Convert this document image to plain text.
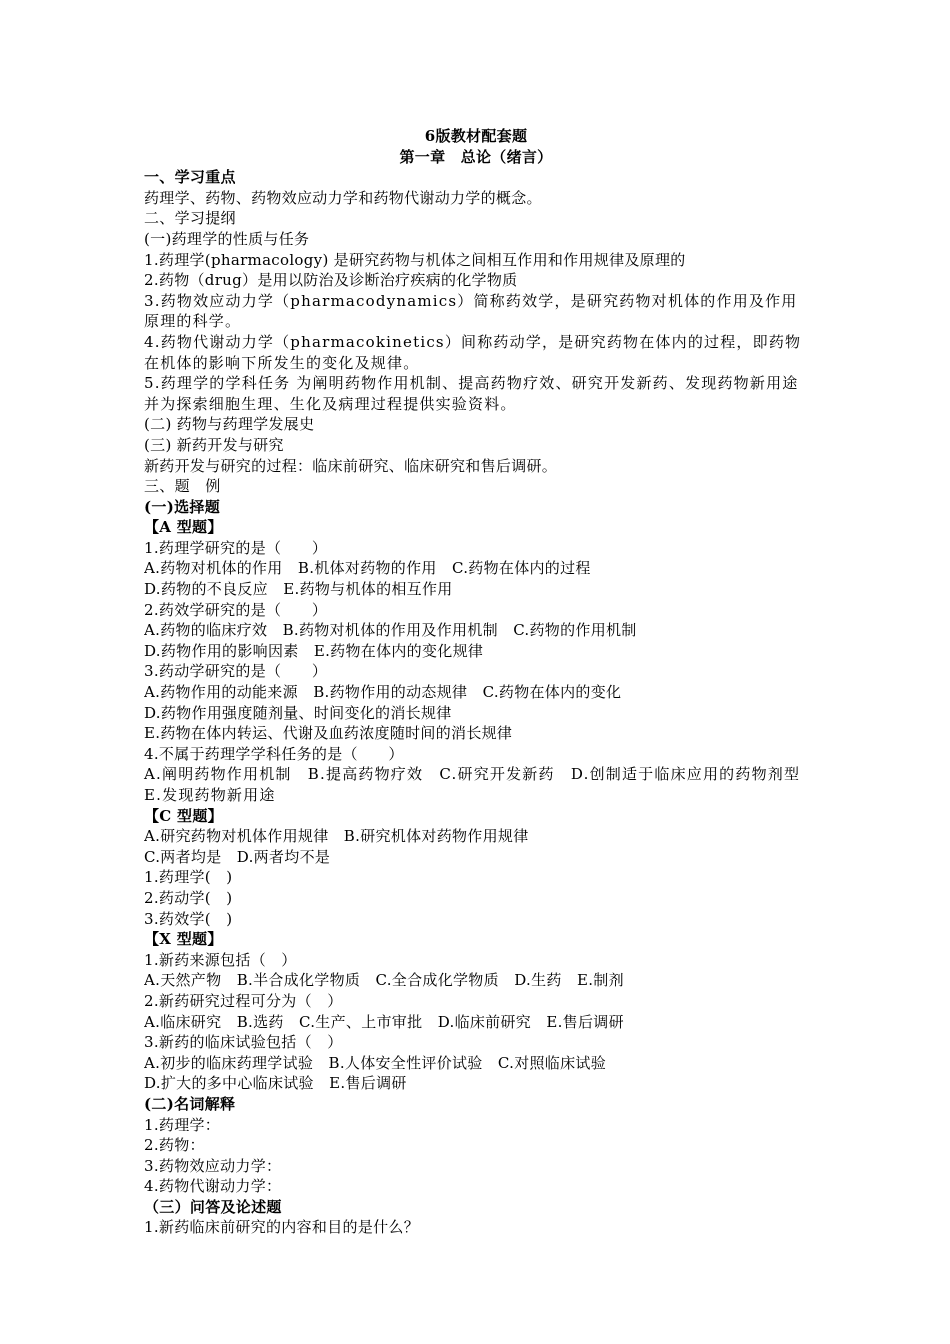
6版教材配套题
第一章　总论（绪言）
一、学习重点
药理学、药物、药物效应动力学和药物代谢动力学的概念。
二、学习提纲
(一)药理学的性质与任务
1.药理学(pharmacology) 是研究药物与机体之间相互作用和作用规律及原理的
2.药物（drug）是用以防治及诊断治疗疾病的化学物质
3.药物效应动力学（pharmacodynamics）简称药效学，是研究药物对机体的作用及作用原理的科学。
4.药物代谢动力学（pharmacokinetics）间称药动学，是研究药物在体内的过程，即药物在机体的影响下所发生的变化及规律。
5.药理学的学科任务 为阐明药物作用机制、提高药物疗效、研究开发新药、发现药物新用途并为探索细胞生理、生化及病理过程提供实验资料。
(二) 药物与药理学发展史
(三) 新药开发与研究
新药开发与研究的过程：临床前研究、临床研究和售后调研。
三、题　例
(一)选择题
【A 型题】
1.药理学研究的是（　　）
A.药物对机体的作用　B.机体对药物的作用　C.药物在体内的过程
D.药物的不良反应　E.药物与机体的相互作用
2.药效学研究的是（　　）
A.药物的临床疗效　B.药物对机体的作用及作用机制　C.药物的作用机制
D.药物作用的影响因素　E.药物在体内的变化规律
3.药动学研究的是（　　）
A.药物作用的动能来源　B.药物作用的动态规律　C.药物在体内的变化
D.药物作用强度随剂量、时间变化的消长规律
E.药物在体内转运、代谢及血药浓度随时间的消长规律
4.不属于药理学学科任务的是（　　）
A.阐明药物作用机制　B.提高药物疗效　C.研究开发新药　D.创制适于临床应用的药物剂型 E.发现药物新用途
【C 型题】
A.研究药物对机体作用规律　B.研究机体对药物作用规律
C.两者均是　D.两者均不是
1.药理学(　)
2.药动学(　)
3.药效学(　)
【X 型题】
1.新药来源包括（　）
A.天然产物　B.半合成化学物质　C.全合成化学物质　D.生药　E.制剂
2.新药研究过程可分为（　）
A.临床研究　B.选药　C.生产、上市审批　D.临床前研究　E.售后调研
3.新药的临床试验包括（　）
A.初步的临床药理学试验　B.人体安全性评价试验　C.对照临床试验
D.扩大的多中心临床试验　E.售后调研
(二)名词解释
1.药理学：
2.药物：
3.药物效应动力学：
4.药物代谢动力学：
（三）问答及论述题
1.新药临床前研究的内容和目的是什么？
